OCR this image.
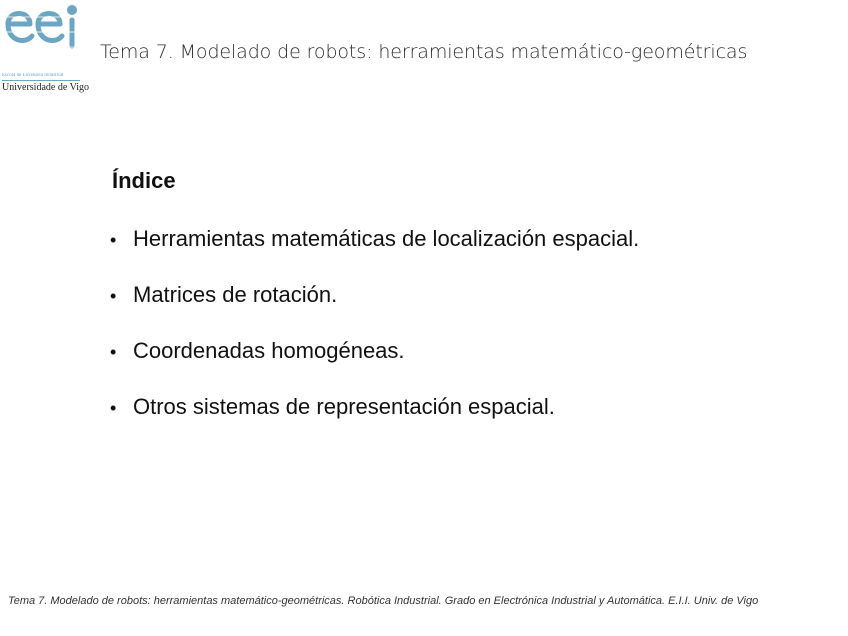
Escola de Enxeñaría Industrial
Universidade de Vigo
Tema 7. Modelado de robots: herramientas matemático-geométricas
Índice
• Herramientas matemáticas de localización espacial.
• Matrices de rotación.
• Coordenadas homogéneas.
• Otros sistemas de representación espacial.
Tema 7. Modelado de robots: herramientas matemático-geométricas. Robótica Industrial. Grado en Electrónica Industrial y Automática. E.I.I. Univ. de Vigo
